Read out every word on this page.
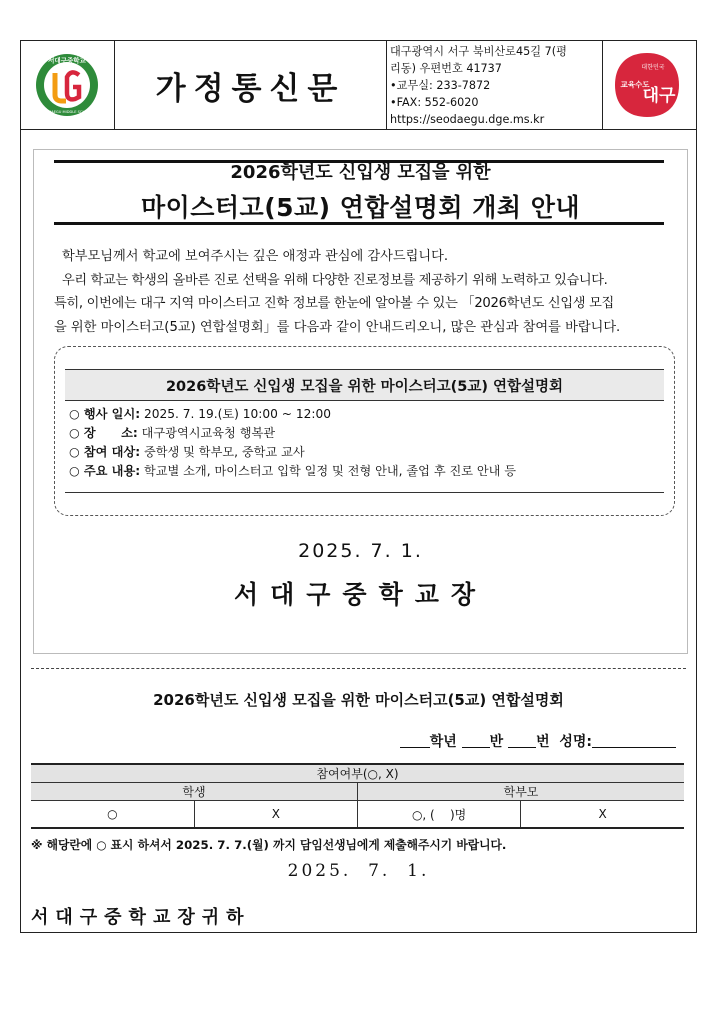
서대구중학교
SEODAEGU MIDDLE SCHOOL
가정통신문
대구광역시 서구 북비산로45길 7(평
리동) 우편번호 41737
•교무실: 233-7872
•FAX: 552-6020
https://seodaegu.dge.ms.kr
대한민국
교육수도
대구
2026학년도 신입생 모집을 위한
마이스터고(5교) 연합설명회 개최 안내

학부모님께서 학교에 보여주시는 깊은 애정과 관심에 감사드립니다.

우리 학교는 학생의 올바른 진로 선택을 위해 다양한 진로정보를 제공하기 위해 노력하고 있습니다.

특히, 이번에는 대구 지역 마이스터고 진학 정보를 한눈에 알아볼 수 있는 「2026학년도 신입생 모집

을 위한 마이스터고(5교) 연합설명회」를 다음과 같이 안내드리오니, 많은 관심과 참여를 바랍니다.

2026학년도 신입생 모집을 위한 마이스터고(5교) 연합설명회
○ 행사 일시: 2025. 7. 19.(토) 10:00 ~ 12:00
○ 장      소: 대구광역시교육청 행복관
○ 참여 대상: 중학생 및 학부모, 중학교 교사
○ 주요 내용: 학교별 소개, 마이스터고 입학 일정 및 전형 안내, 졸업 후 진로 안내 등
2025. 7. 1.
서대구중학교장
2026학년도 신입생 모집을 위한 마이스터고(5교) 연합설명회
학년 반 번 성명:
참여여부(○, X)			
학생		학부모	
○	X	○, (    )명	X
※ 해당란에 ○ 표시 하셔서 2025. 7. 7.(월) 까지 담임선생님에게 제출해주시기 바랍니다.
2025.  7.  1.
서대구중학교장귀하
